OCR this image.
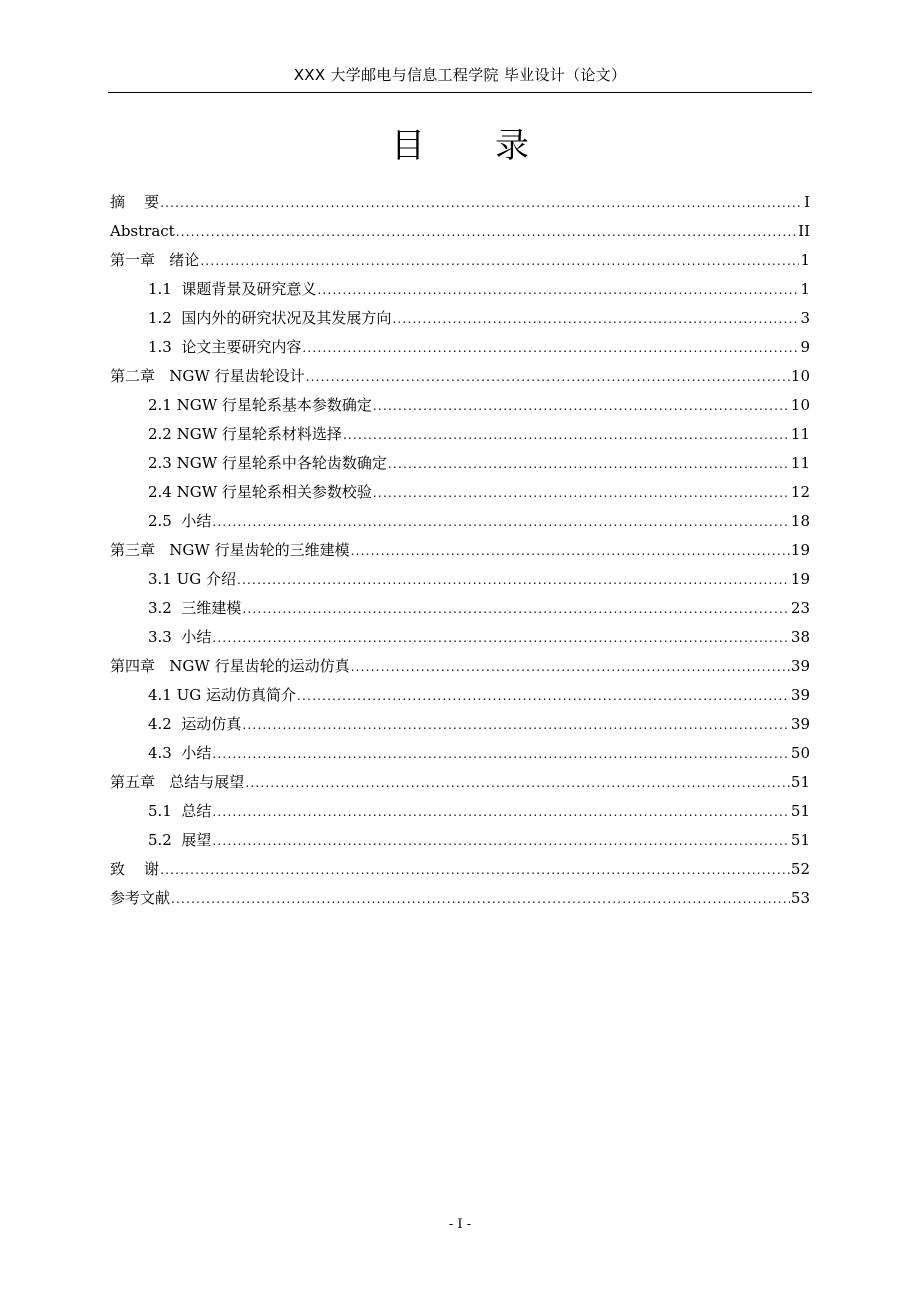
XXX 大学邮电与信息工程学院 毕业设计（论文）
目录
摘    要 .....	I
Abstract .....	II
第一章   绪论 .....	1
1.1  课题背景及研究意义 .....	1
1.2  国内外的研究状况及其发展方向 .....	3
1.3  论文主要研究内容 .....	9
第二章   NGW 行星齿轮设计 .....	10
2.1 NGW 行星轮系基本参数确定 .....	10
2.2 NGW 行星轮系材料选择 .....	11
2.3 NGW 行星轮系中各轮齿数确定 .....	11
2.4 NGW 行星轮系相关参数校验 .....	12
2.5  小结 .....	18
第三章   NGW 行星齿轮的三维建模 .....	19
3.1 UG 介绍 .....	19
3.2  三维建模 .....	23
3.3  小结 .....	38
第四章   NGW 行星齿轮的运动仿真 .....	39
4.1 UG 运动仿真简介 .....	39
4.2  运动仿真 .....	39
4.3  小结 .....	50
第五章   总结与展望 .....	51
5.1  总结 .....	51
5.2  展望 .....	51
致    谢 .....	52
参考文献 .....	53
- I -
